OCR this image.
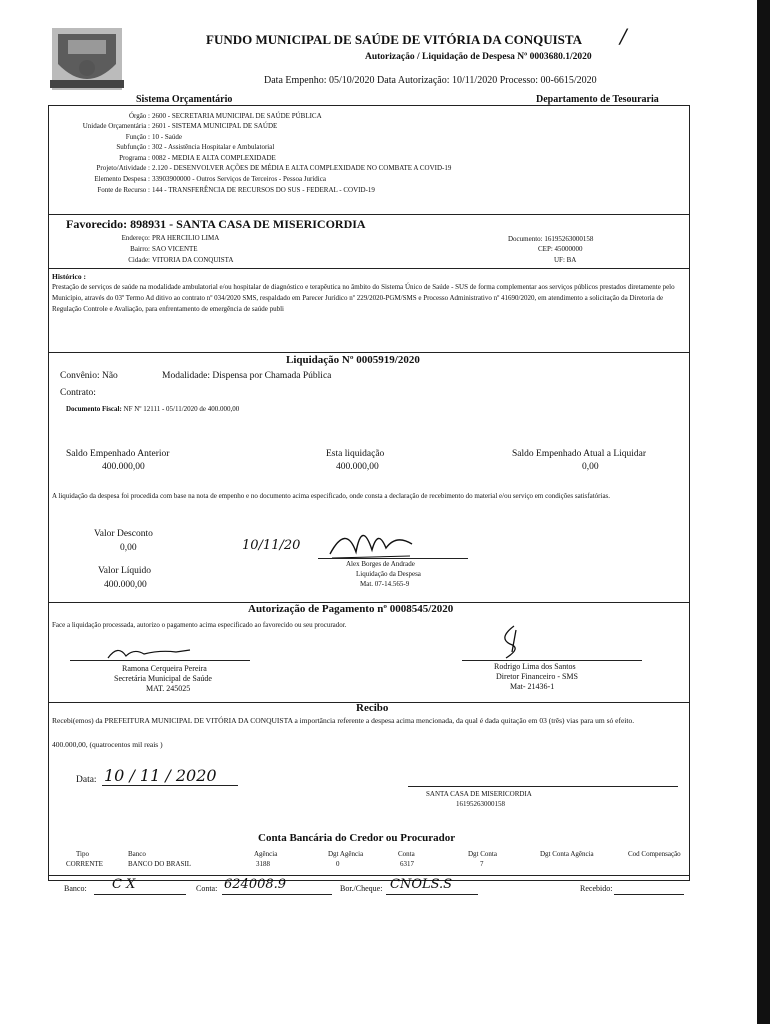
FUNDO MUNICIPAL DE SAÚDE DE VITÓRIA DA CONQUISTA
Autorização / Liquidação de Despesa Nº 0003680.1/2020
Data Empenho: 05/10/2020 Data Autorização: 10/11/2020 Processo: 00-6615/2020
Sistema Orçamentário	Departamento de Tesouraria
Órgão : 2600 - SECRETARIA MUNICIPAL DE SAÚDE PÚBLICA
Unidade Orçamentária : 2601 - SISTEMA MUNICIPAL DE SAÚDE
Função : 10 - Saúde
Subfunção : 302 - Assistência Hospitalar e Ambulatorial
Programa : 0082 - MEDIA E ALTA COMPLEXIDADE
Projeto/Atividade : 2.120 - DESENVOLVER AÇÕES DE MÉDIA E ALTA COMPLEXIDADE NO COMBATE A COVID-19
Elemento Despesa : 33903900000 - Outros Serviços de Terceiros - Pessoa Jurídica
Fonte de Recurso : 144 - TRANSFERÊNCIA DE RECURSOS DO SUS - FEDERAL - COVID-19
Favorecido: 898931 - SANTA CASA DE MISERICORDIA
Endereço: PRA HERCILIO LIMA
Bairro: SAO VICENTE
Cidade: VITORIA DA CONQUISTA
Documento: 16195263000158
CEP: 45000000
UF: BA
Histórico :
Prestação de serviços de saúde na modalidade ambulatorial e/ou hospitalar de diagnóstico e terapêutica no âmbito do Sistema Único de Saúde - SUS de forma complementar aos serviços públicos prestados diretamente pelo Município, através do 03º Termo Ad ditivo ao contrato nº 034/2020 SMS, respaldado em Parecer Jurídico nº 229/2020-PGM/SMS e Processo Administrativo nº 41690/2020, em atendimento a solicitação da Diretoria de Regulação Controle e Avaliação, para enfrentamento de emergência de saúde publi
Liquidação Nº 0005919/2020
Convênio: Não	Modalidade: Dispensa por Chamada Pública
Contrato:
Documento Fiscal: NF Nº 12111 - 05/11/2020 de 400.000,00
Saldo Empenhado Anterior
400.000,00
Esta liquidação
400.000,00
Saldo Empenhado Atual a Liquidar
0,00
A liquidação da despesa foi procedida com base na nota de empenho e no documento acima especificado, onde consta a declaração de recebimento do material e/ou serviço em condições satisfatórias.
Valor Desconto
0,00
Valor Líquido
400.000,00
10/11/20
Alex Borges de Andrade
Liquidação da Despesa
Mat. 07-14.565-9
Autorização de Pagamento nº 0008545/2020
Face a liquidação processada, autorizo o pagamento acima especificado ao favorecido ou seu procurador.
Ramona Cerqueira Pereira
Secretária Municipal de Saúde
MAT. 245025
Rodrigo Lima dos Santos
Diretor Financeiro - SMS
Mat- 21436-1
Recibo
Recebi(emos) da PREFEITURA MUNICIPAL DE VITÓRIA DA CONQUISTA a importância referente a despesa acima mencionada, da qual é dada quitação em 03 (três) vias para um só efeito.
400.000,00, (quatrocentos mil reais )
Data: 10 / 11 / 2020
SANTA CASA DE MISERICORDIA
16195263000158
Conta Bancária do Credor ou Procurador
Tipo	Banco	Agência	Dgt Agência	Conta	Dgt Conta	Dgt Conta Agência	Cod Compensação
CORRENTE	BANCO DO BRASIL	3188	0	6317	7
Banco: C X	Conta: 624008.9	Bor./Cheque: CNOLS.S	Recebido:
/
